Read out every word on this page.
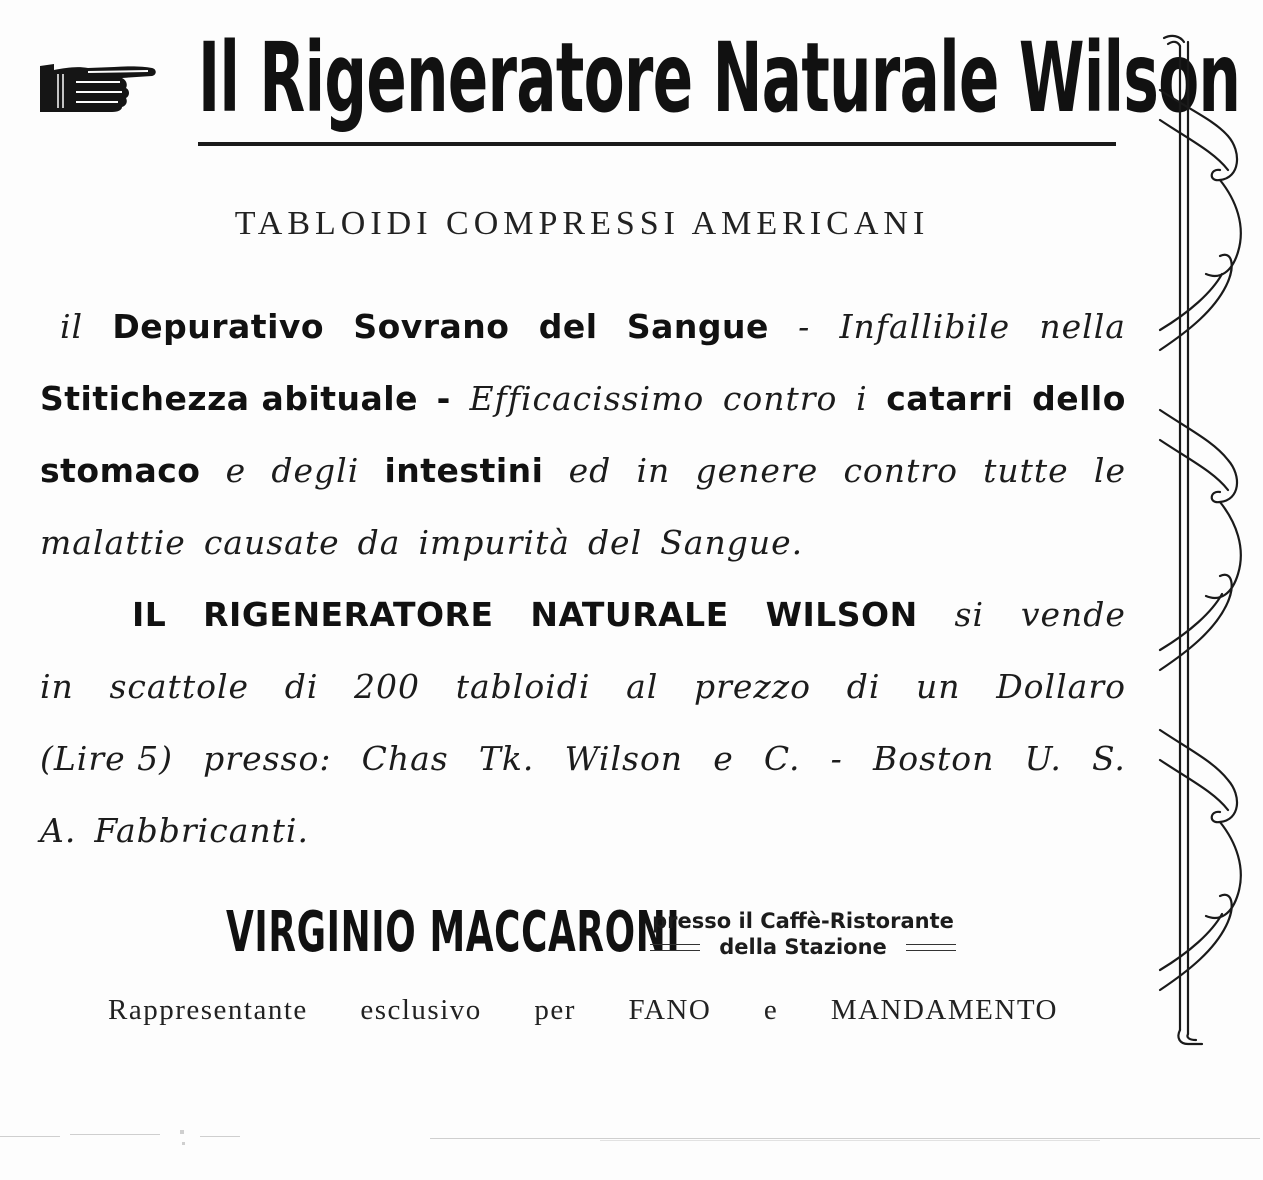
Il Rigeneratore Naturale Wilson
TABLOIDI COMPRESSI AMERICANI
il Depurativo Sovrano del Sangue - Infallibile nella
Stitichezza abituale - Efficacissimo contro i catarri dello
stomaco e degli intestini ed in genere contro tutte le
malattie causate da impurità del Sangue.
IL RIGENERATORE NATURALE WILSON si vende
in scattole di 200 tabloidi al prezzo di un Dollaro
(Lire 5) presso: Chas Tk. Wilson e C. - Boston U. S.
A. Fabbricanti.
VIRGINIO MACCARONI
presso il Caffè-Ristorante
della Stazione
Rappresentante esclusivo per FANO e MANDAMENTO
